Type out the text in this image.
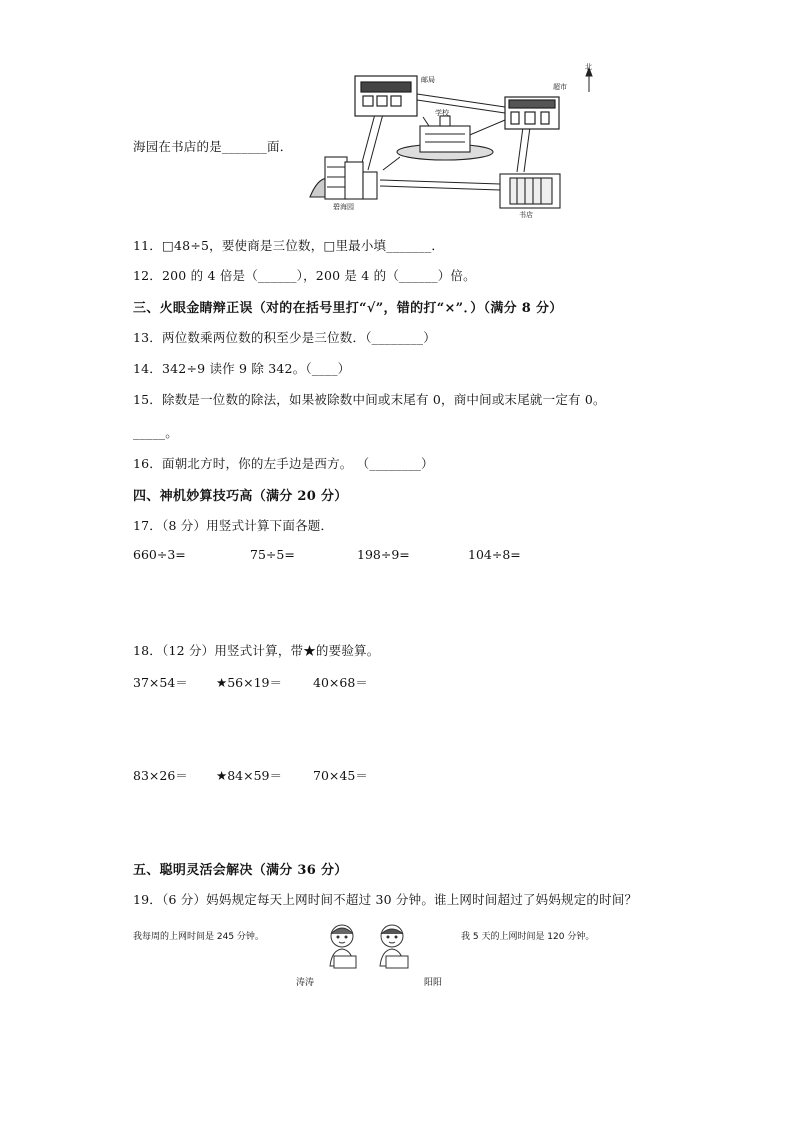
海园在书店的是_______面．
邮局
超市
北
学校
碧海园
书店
11．□48÷5，要使商是三位数，□里最小填_______．
12．200 的 4 倍是（______），200 是 4 的（______）倍。
三、火眼金睛辩正误（对的在括号里打“√”，错的打“×”．）（满分 8 分）
13．两位数乘两位数的积至少是三位数．（________）
14．342÷9 读作 9 除 342。（____）
15．除数是一位数的除法，如果被除数中间或末尾有 0，商中间或末尾就一定有 0。
_____。
16．面朝北方时，你的左手边是西方。 （________）
四、神机妙算技巧高（满分 20 分）
17．（8 分）用竖式计算下面各题．
660÷3=	75÷5=	198÷9=	104÷8=
18．（12 分）用竖式计算，带★的要验算。
37×54＝ ★56×19＝ 40×68＝
83×26＝ ★84×59＝ 70×45＝
五、聪明灵活会解决（满分 36 分）
19．（6 分）妈妈规定每天上网时间不超过 30 分钟。谁上网时间超过了妈妈规定的时间？
我每周的上网时间是 245 分钟。	我 5 天的上网时间是 120 分钟。
涛涛	阳阳
